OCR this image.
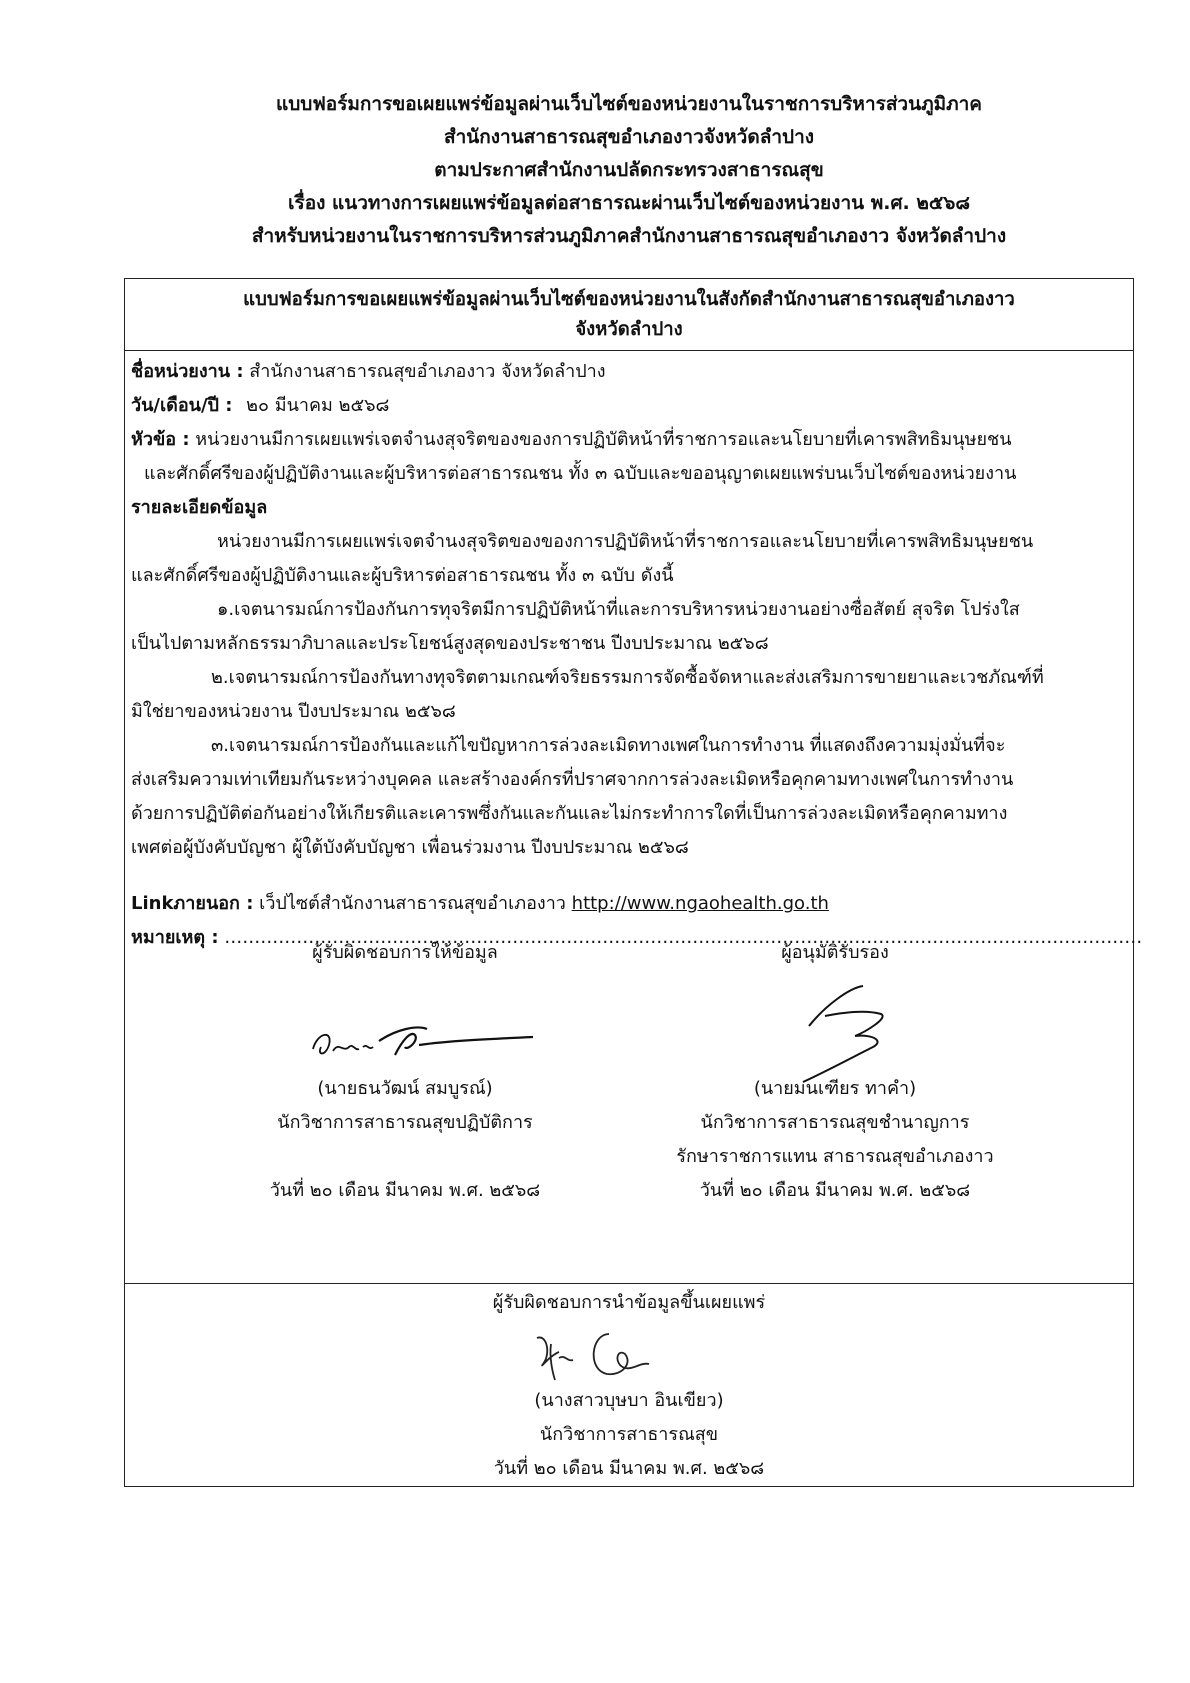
แบบฟอร์มการขอเผยแพร่ข้อมูลผ่านเว็บไซต์ของหน่วยงานในราชการบริหารส่วนภูมิภาค
สำนักงานสาธารณสุขอำเภองาวจังหวัดลำปาง
ตามประกาศสำนักงานปลัดกระทรวงสาธารณสุข
เรื่อง แนวทางการเผยแพร่ข้อมูลต่อสาธารณะผ่านเว็บไซต์ของหน่วยงาน พ.ศ. ๒๕๖๘
สำหรับหน่วยงานในราชการบริหารส่วนภูมิภาคสำนักงานสาธารณสุขอำเภองาว จังหวัดลำปาง
แบบฟอร์มการขอเผยแพร่ข้อมูลผ่านเว็บไซต์ของหน่วยงานในสังกัดสำนักงานสาธารณสุขอำเภองาว
จังหวัดลำปาง
ชื่อหน่วยงาน : สำนักงานสาธารณสุขอำเภองาว จังหวัดลำปาง
วัน/เดือน/ปี : ๒๐ มีนาคม ๒๕๖๘
หัวข้อ : หน่วยงานมีการเผยแพร่เจตจำนงสุจริตของของการปฏิบัติหน้าที่ราชการอและนโยบายที่เคารพสิทธิมนุษยชน
และศักดิ์ศรีของผู้ปฏิบัติงานและผู้บริหารต่อสาธารณชน ทั้ง ๓ ฉบับและขออนุญาตเผยแพร่บนเว็บไซต์ของหน่วยงาน
รายละเอียดข้อมูล
หน่วยงานมีการเผยแพร่เจตจำนงสุจริตของของการปฏิบัติหน้าที่ราชการอและนโยบายที่เคารพสิทธิมนุษยชน
และศักดิ์ศรีของผู้ปฏิบัติงานและผู้บริหารต่อสาธารณชน ทั้ง ๓ ฉบับ ดังนี้
๑.เจตนารมณ์การป้องกันการทุจริตมีการปฏิบัติหน้าที่และการบริหารหน่วยงานอย่างซื่อสัตย์ สุจริต โปร่งใส
เป็นไปตามหลักธรรมาภิบาลและประโยชน์สูงสุดของประชาชน ปีงบประมาณ ๒๕๖๘
๒.เจตนารมณ์การป้องกันทางทุจริตตามเกณฑ์จริยธรรมการจัดซื้อจัดหาและส่งเสริมการขายยาและเวชภัณฑ์ที่
มิใช่ยาของหน่วยงาน ปีงบประมาณ ๒๕๖๘
๓.เจตนารมณ์การป้องกันและแก้ไขปัญหาการล่วงละเมิดทางเพศในการทำงาน ที่แสดงถึงความมุ่งมั่นที่จะ
ส่งเสริมความเท่าเทียมกันระหว่างบุคคล และสร้างองค์กรที่ปราศจากการล่วงละเมิดหรือคุกคามทางเพศในการทำงาน
ด้วยการปฏิบัติต่อกันอย่างให้เกียรติและเคารพซึ่งกันและกันและไม่กระทำการใดที่เป็นการล่วงละเมิดหรือคุกคามทาง
เพศต่อผู้บังคับบัญชา ผู้ใต้บังคับบัญชา เพื่อนร่วมงาน ปีงบประมาณ ๒๕๖๘
Linkภายนอก : เว็ปไซต์สำนักงานสาธารณสุขอำเภองาว http://www.ngaohealth.go.th
หมายเหตุ : ………………………………………………………………………………………………………………………………………
ผู้รับผิดชอบการให้ข้อมูล
(นายธนวัฒน์ สมบูรณ์)
นักวิชาการสาธารณสุขปฏิบัติการ
วันที่ ๒๐ เดือน มีนาคม พ.ศ. ๒๕๖๘
ผู้อนุมัติรับรอง
(นายมนเฑียร ทาคำ)
นักวิชาการสาธารณสุขชำนาญการ
รักษาราชการแทน สาธารณสุขอำเภองาว
วันที่ ๒๐ เดือน มีนาคม พ.ศ. ๒๕๖๘
ผู้รับผิดชอบการนำข้อมูลขึ้นเผยแพร่
(นางสาวบุษบา อินเขียว)
นักวิชาการสาธารณสุข
วันที่ ๒๐ เดือน มีนาคม พ.ศ. ๒๕๖๘
